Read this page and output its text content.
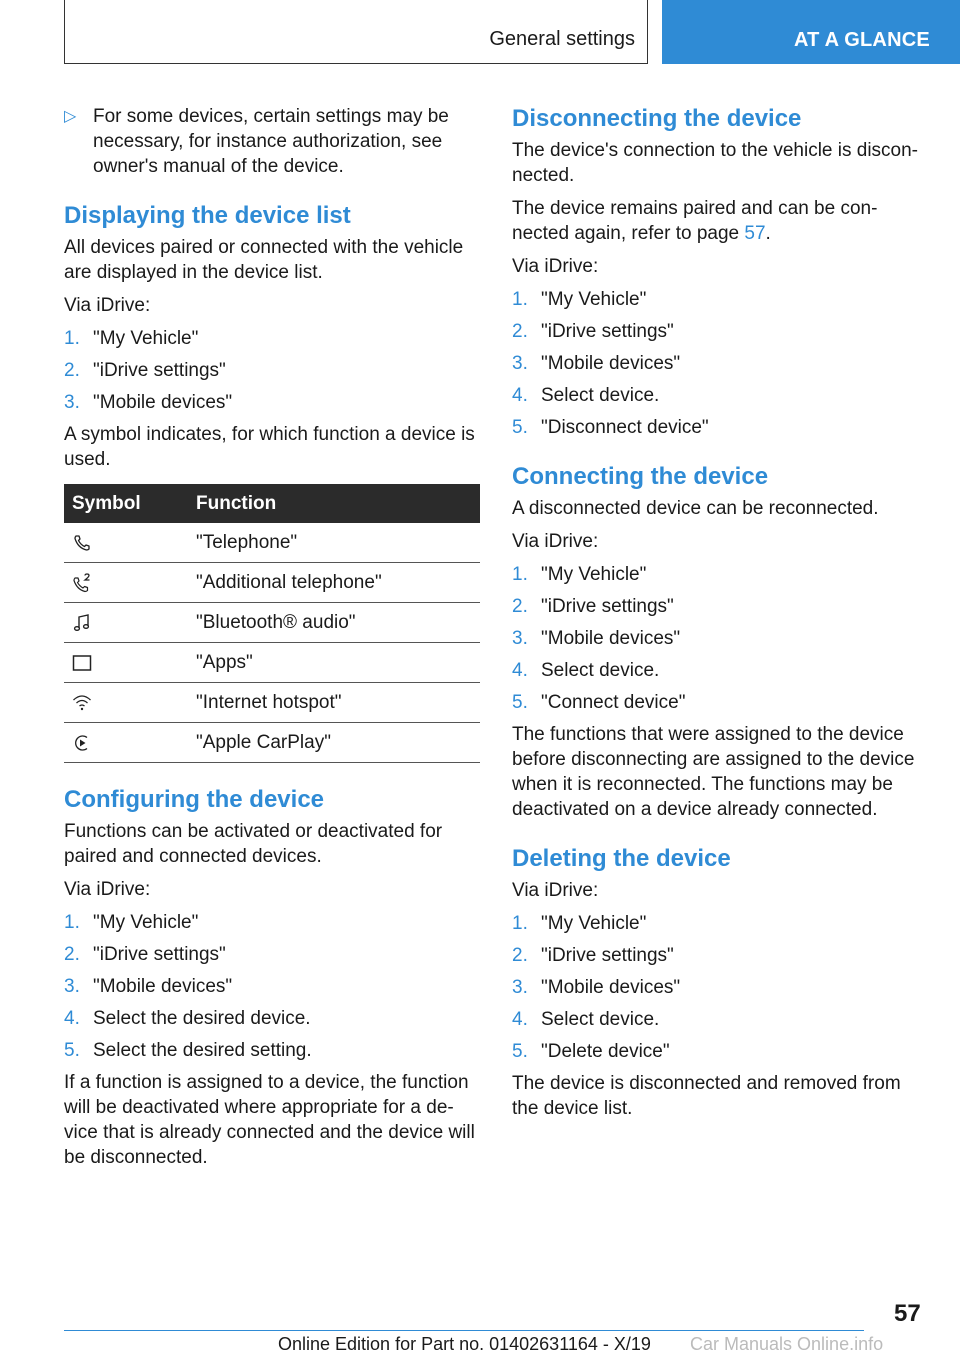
General settings	AT A GLANCE
▷ For some devices, certain settings may be necessary, for instance authorization, see owner's manual of the device.
Displaying the device list

All devices paired or connected with the vehicle are displayed in the device list.

Via iDrive:

1. "My Vehicle"
2. "iDrive settings"
3. "Mobile devices"

A symbol indicates, for which function a device is used.

Symbol	Function

	"Telephone"

	"Additional telephone"

	"Bluetooth® audio"

	"Apps"

	"Internet hotspot"

	"Apple CarPlay"
Configuring the device

Functions can be activated or deactivated for paired and connected devices.

Via iDrive:

1. "My Vehicle"
2. "iDrive settings"
3. "Mobile devices"
4. Select the desired device.
5. Select the desired setting.

If a function is assigned to a device, the function will be deactivated where appropriate for a de‐vice that is already connected and the device will be disconnected.

Disconnecting the device

The device's connection to the vehicle is discon‐nected.

The device remains paired and can be con‐nected again, refer to page 57.

Via iDrive:

1. "My Vehicle"
2. "iDrive settings"
3. "Mobile devices"
4. Select device.
5. "Disconnect device"
Connecting the device

A disconnected device can be reconnected.

Via iDrive:

1. "My Vehicle"
2. "iDrive settings"
3. "Mobile devices"
4. Select device.
5. "Connect device"

The functions that were assigned to the device before disconnecting are assigned to the device when it is reconnected. The functions may be deactivated on a device already connected.

Deleting the device

Via iDrive:

1. "My Vehicle"
2. "iDrive settings"
3. "Mobile devices"
4. Select device.
5. "Delete device"

The device is disconnected and removed from the device list.

57
Online Edition for Part no. 01402631164 - X/19 Car Manuals Online.info
